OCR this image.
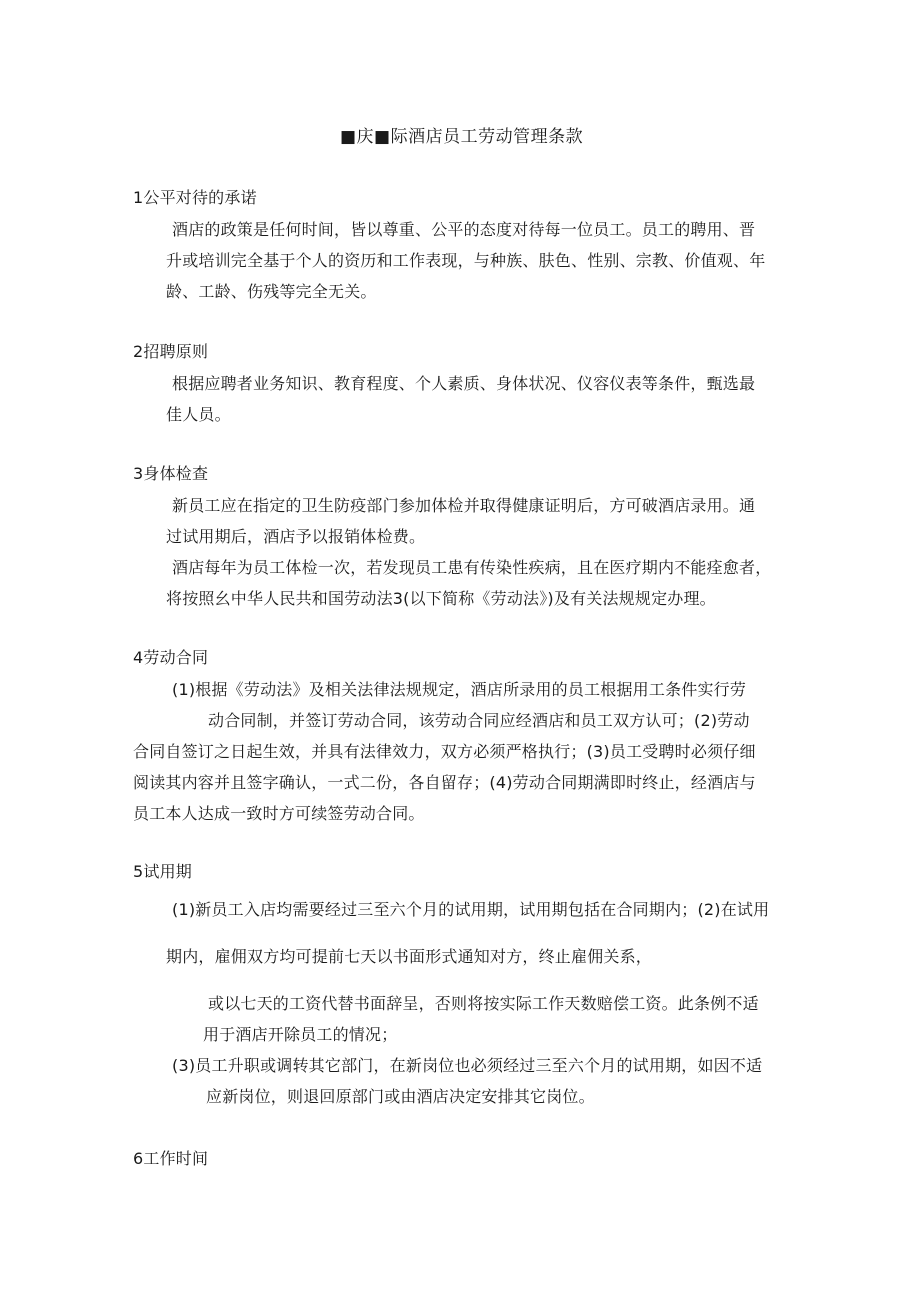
■庆■际酒店员工劳动管理条款
1公平对待的承诺
酒店的政策是任何时间，皆以尊重、公平的态度对待每一位员工。员工的聘用、晋
升或培训完全基于个人的资历和工作表现，与种族、肤色、性别、宗教、价值观、年
龄、工龄、伤残等完全无关。
2招聘原则
根据应聘者业务知识、教育程度、个人素质、身体状况、仪容仪表等条件，甄选最
佳人员。
3身体检查
新员工应在指定的卫生防疫部门参加体检并取得健康证明后，方可破酒店录用。通
过试用期后，酒店予以报销体检费。
酒店每年为员工体检一次，若发现员工患有传染性疾病，且在医疗期内不能痊愈者，
将按照幺中华人民共和国劳动法3(以下简称《劳动法》)及有关法规规定办理。
4劳动合同
(1)根据《劳动法》及相关法律法规规定，酒店所录用的员工根据用工条件实行劳
动合同制，并签订劳动合同，该劳动合同应经酒店和员工双方认可；(2)劳动
合同自签订之日起生效，并具有法律效力，双方必须严格执行；(3)员工受聘时必须仔细
阅读其内容并且签字确认，一式二份，各自留存；(4)劳动合同期满即时终止，经酒店与
员工本人达成一致时方可续签劳动合同。
5试用期
(1)新员工入店均需要经过三至六个月的试用期，试用期包括在合同期内；(2)在试用
期内，雇佣双方均可提前七天以书面形式通知对方，终止雇佣关系，
或以七天的工资代替书面辞呈，否则将按实际工作天数赔偿工资。此条例不适
用于酒店开除员工的情况；
(3)员工升职或调转其它部门，在新岗位也必须经过三至六个月的试用期，如因不适
应新岗位，则退回原部门或由酒店决定安排其它岗位。
6工作时间
